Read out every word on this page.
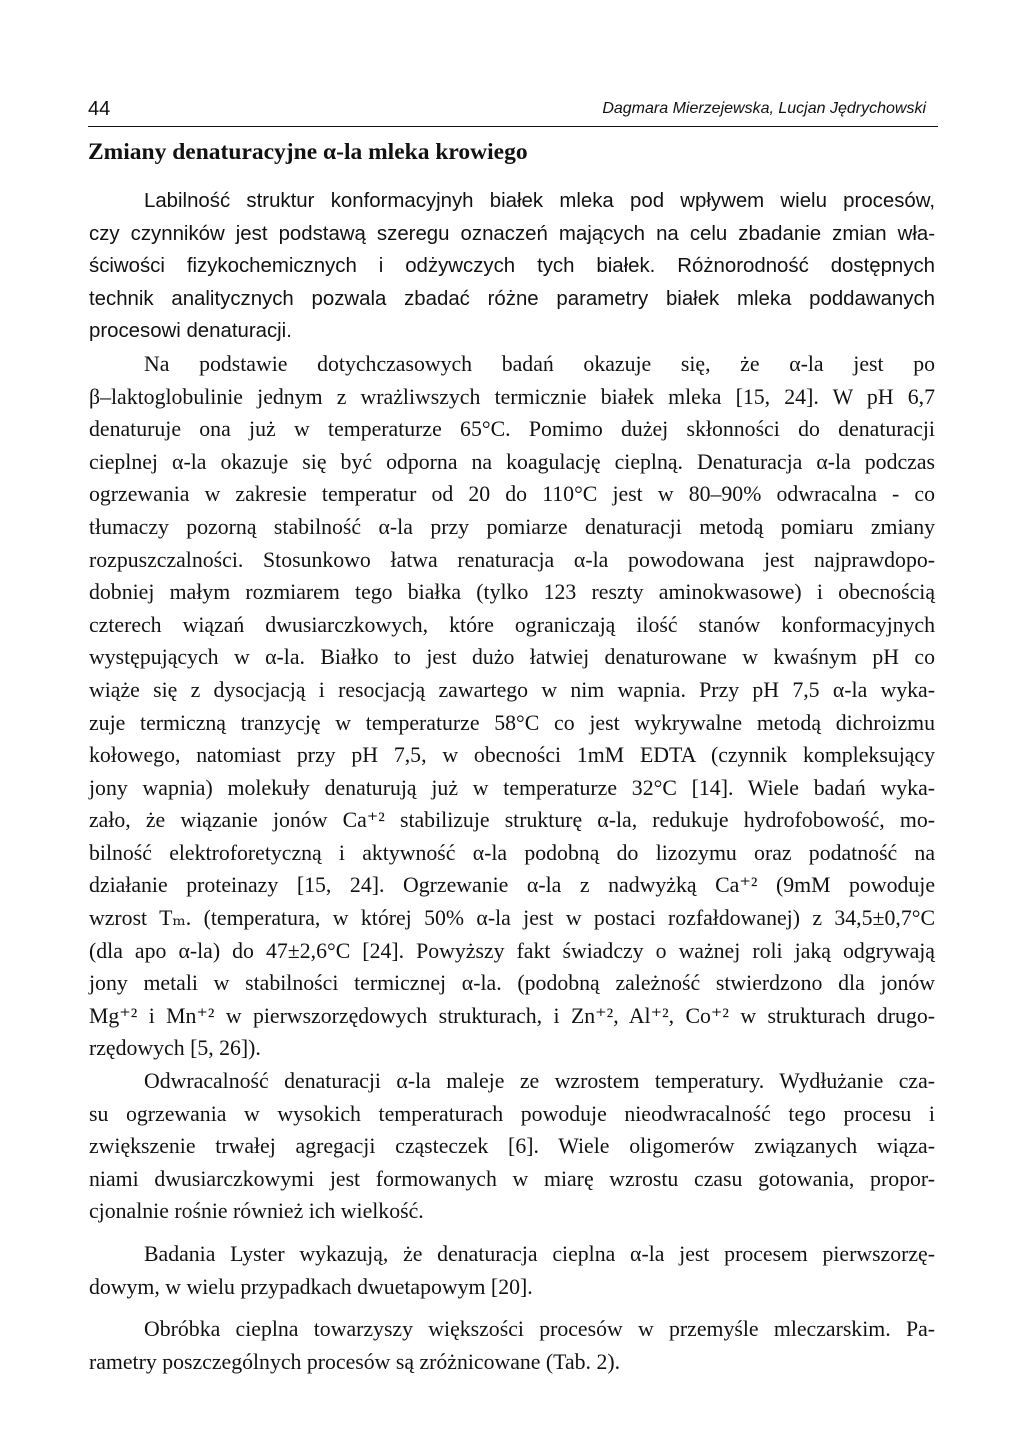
44	Dagmara Mierzejewska, Lucjan Jędrychowski
Zmiany denaturacyjne α-la mleka krowiego
Labilność struktur konformacyjnyh białek mleka pod wpływem wielu procesów,
czy czynników jest podstawą szeregu oznaczeń mających na celu zbadanie zmian wła-
ściwości fizykochemicznych i odżywczych tych białek. Różnorodność dostępnych
technik analitycznych pozwala zbadać różne parametry białek mleka poddawanych
procesowi denaturacji.
Na podstawie dotychczasowych badań okazuje się, że α-la jest po
β–laktoglobulinie jednym z wrażliwszych termicznie białek mleka [15, 24]. W pH 6,7
denaturuje ona już w temperaturze 65°C. Pomimo dużej skłonności do denaturacji
cieplnej α-la okazuje się być odporna na koagulację cieplną. Denaturacja α-la podczas
ogrzewania w zakresie temperatur od 20 do 110°C jest w 80–90% odwracalna - co
tłumaczy pozorną stabilność α-la przy pomiarze denaturacji metodą pomiaru zmiany
rozpuszczalności. Stosunkowo łatwa renaturacja α-la powodowana jest najprawdopo-
dobniej małym rozmiarem tego białka (tylko 123 reszty aminokwasowe) i obecnością
czterech wiązań dwusiarczkowych, które ograniczają ilość stanów konformacyjnych
występujących w α-la. Białko to jest dużo łatwiej denaturowane w kwaśnym pH co
wiąże się z dysocjacją i resocjacją zawartego w nim wapnia. Przy pH 7,5 α-la wyka-
zuje termiczną tranzycję w temperaturze 58°C co jest wykrywalne metodą dichroizmu
kołowego, natomiast przy pH 7,5, w obecności 1mM EDTA (czynnik kompleksujący
jony wapnia) molekuły denaturują już w temperaturze 32°C [14]. Wiele badań wyka-
zało, że wiązanie jonów Ca⁺² stabilizuje strukturę α-la, redukuje hydrofobowość, mo-
bilność elektroforetyczną i aktywność α-la podobną do lizozymu oraz podatność na
działanie proteinazy [15, 24]. Ogrzewanie α-la z nadwyżką Ca⁺² (9mM powoduje
wzrost Tₘ. (temperatura, w której 50% α-la jest w postaci rozfałdowanej) z 34,5±0,7°C
(dla apo α-la) do 47±2,6°C [24]. Powyższy fakt świadczy o ważnej roli jaką odgrywają
jony metali w stabilności termicznej α-la. (podobną zależność stwierdzono dla jonów
Mg⁺² i Mn⁺² w pierwszorzędowych strukturach, i Zn⁺², Al⁺², Co⁺² w strukturach drugo-
rzędowych [5, 26]).
Odwracalność denaturacji α-la maleje ze wzrostem temperatury. Wydłużanie cza-
su ogrzewania w wysokich temperaturach powoduje nieodwracalność tego procesu i
zwiększenie trwałej agregacji cząsteczek [6]. Wiele oligomerów związanych wiąza-
niami dwusiarczkowymi jest formowanych w miarę wzrostu czasu gotowania, propor-
cjonalnie rośnie również ich wielkość.
Badania Lyster wykazują, że denaturacja cieplna α-la jest procesem pierwszorzę-
dowym, w wielu przypadkach dwuetapowym [20].
Obróbka cieplna towarzyszy większości procesów w przemyśle mleczarskim. Pa-
rametry poszczególnych procesów są zróżnicowane (Tab. 2).
